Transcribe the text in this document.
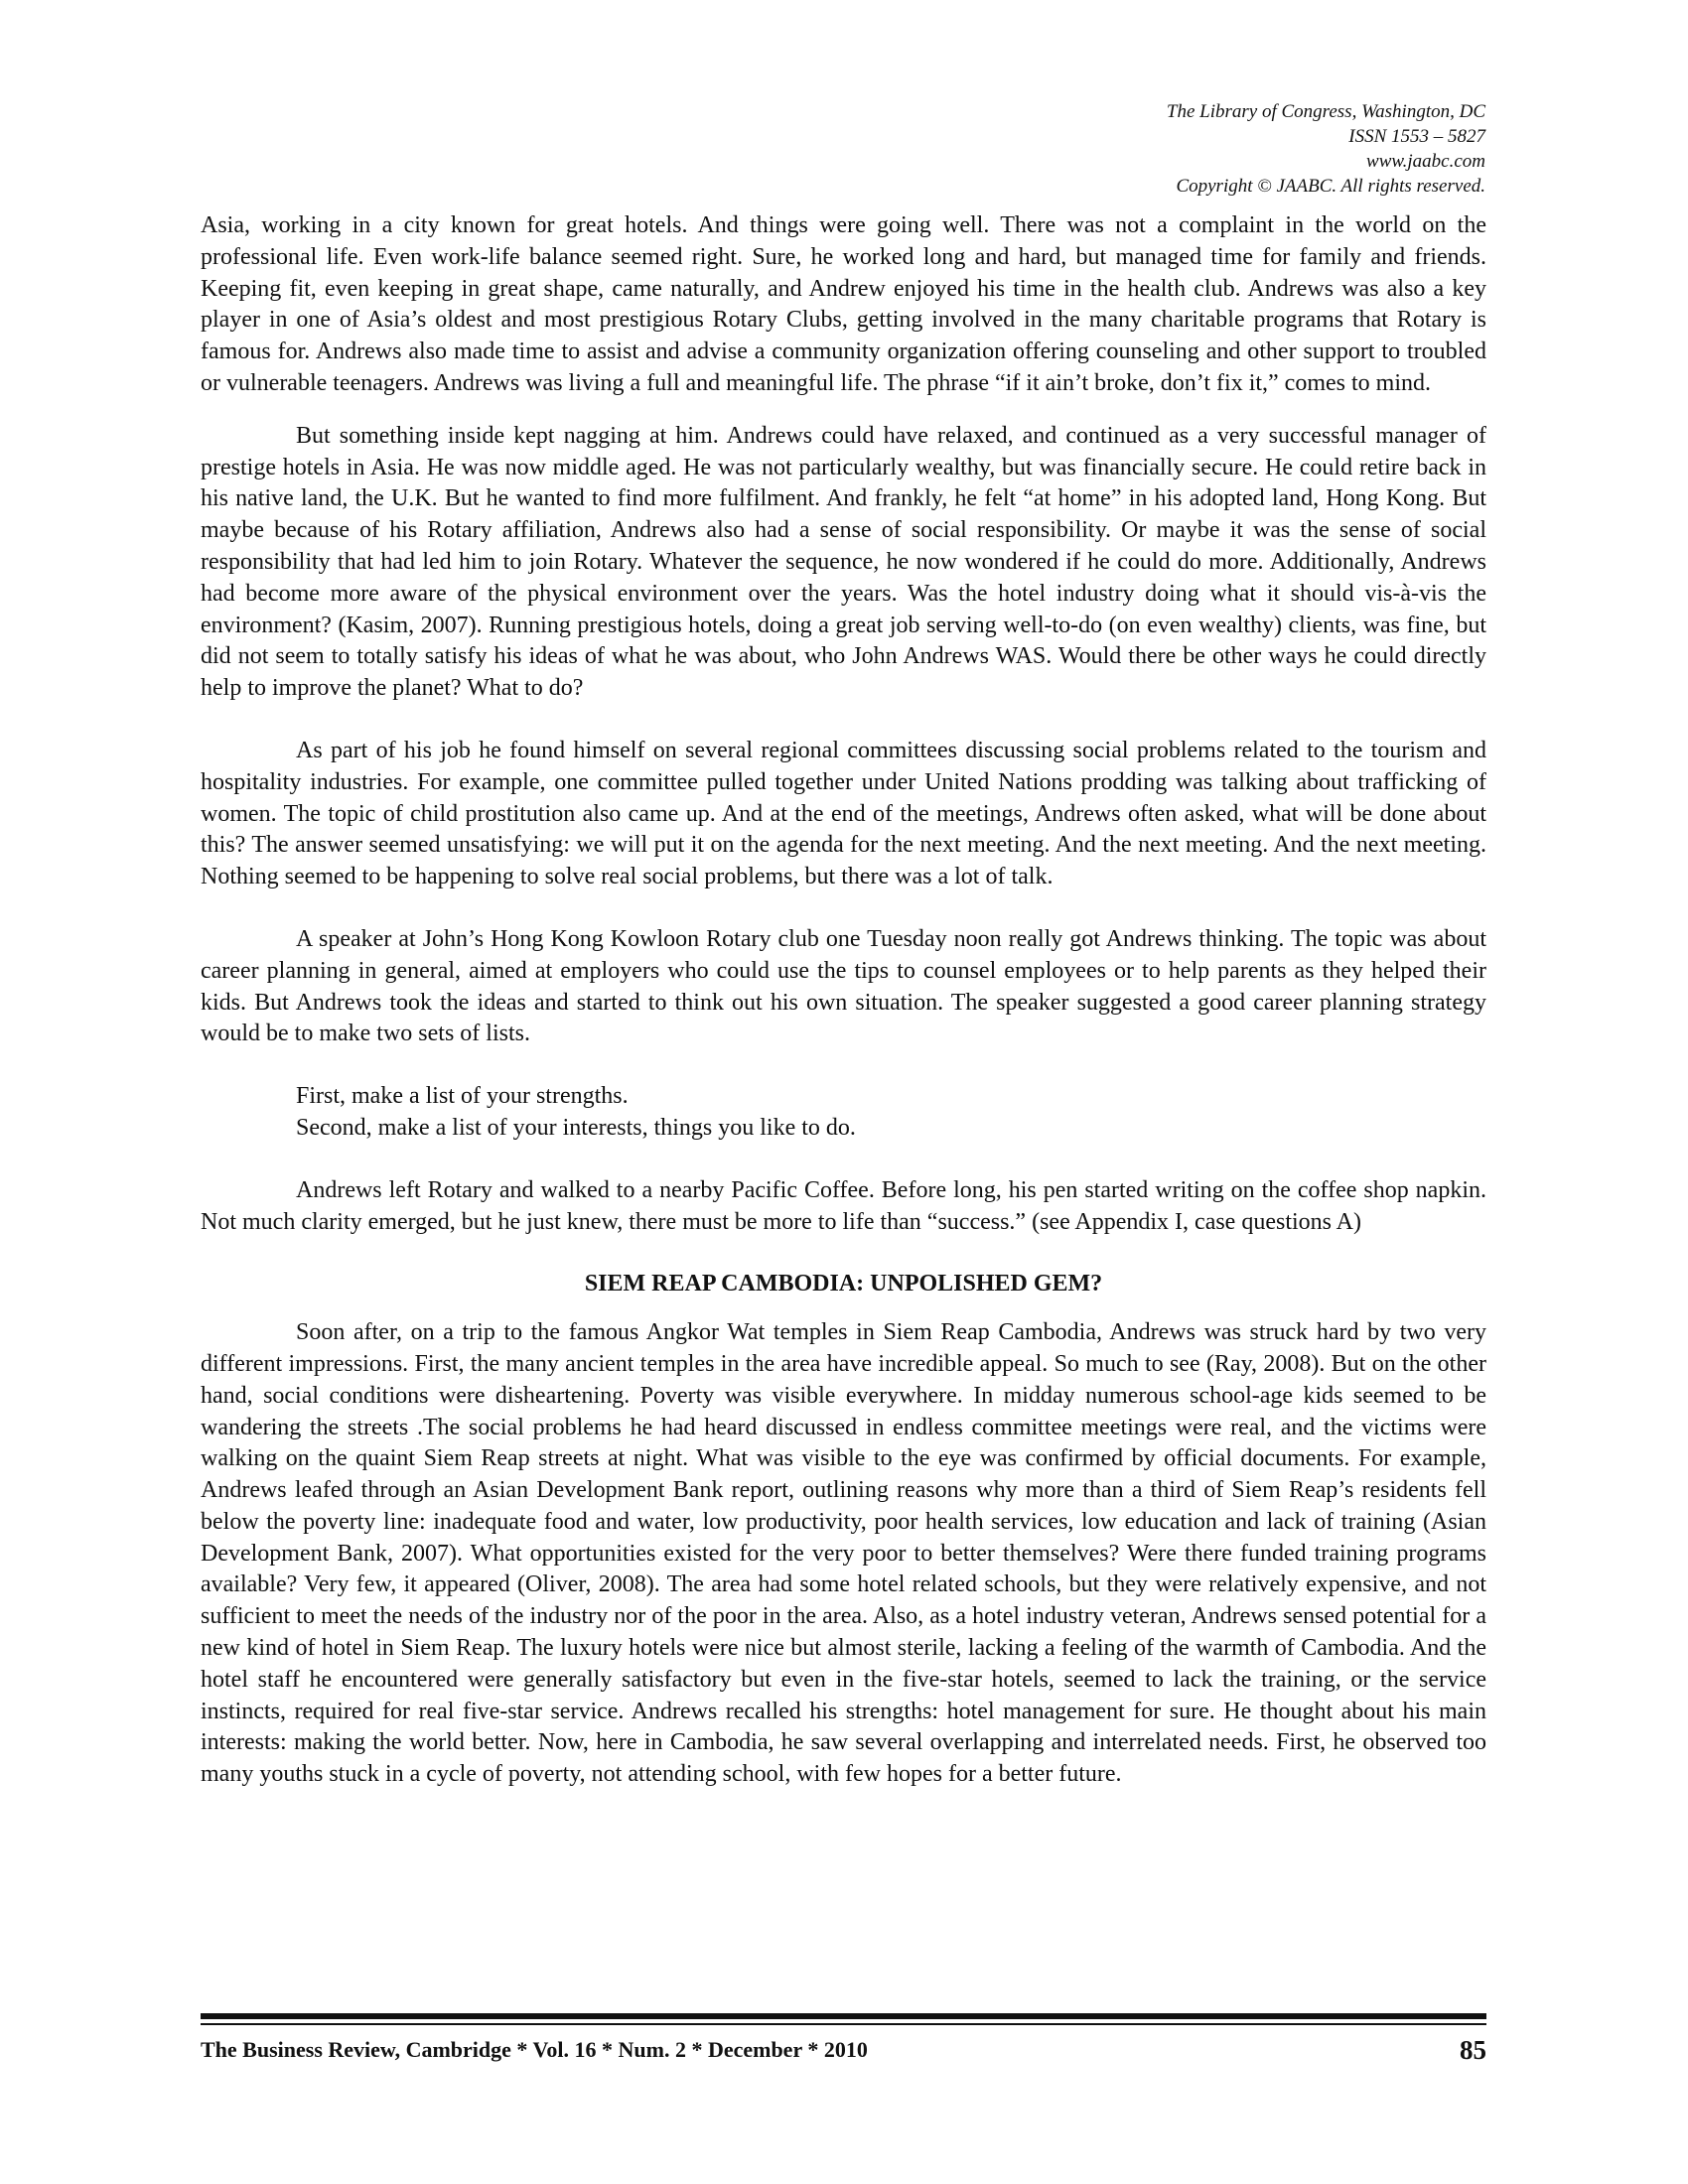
The Library of Congress, Washington, DC
ISSN 1553 – 5827
www.jaabc.com
Copyright © JAABC. All rights reserved.

Asia, working in a city known for great hotels. And things were going well. There was not a complaint in the world on the professional life. Even work-life balance seemed right. Sure, he worked long and hard, but managed time for family and friends. Keeping fit, even keeping in great shape, came naturally, and Andrew enjoyed his time in the health club. Andrews was also a key player in one of Asia’s oldest and most prestigious Rotary Clubs, getting involved in the many charitable programs that Rotary is famous for. Andrews also made time to assist and advise a community organization offering counseling and other support to troubled or vulnerable teenagers. Andrews was living a full and meaningful life. The phrase “if it ain’t broke, don’t fix it,” comes to mind.

But something inside kept nagging at him. Andrews could have relaxed, and continued as a very successful manager of prestige hotels in Asia. He was now middle aged. He was not particularly wealthy, but was financially secure. He could retire back in his native land, the U.K. But he wanted to find more fulfilment. And frankly, he felt “at home” in his adopted land, Hong Kong. But maybe because of his Rotary affiliation, Andrews also had a sense of social responsibility. Or maybe it was the sense of social responsibility that had led him to join Rotary. Whatever the sequence, he now wondered if he could do more. Additionally, Andrews had become more aware of the physical environment over the years. Was the hotel industry doing what it should vis-à-vis the environment? (Kasim, 2007). Running prestigious hotels, doing a great job serving well-to-do (on even wealthy) clients, was fine, but did not seem to totally satisfy his ideas of what he was about, who John Andrews WAS. Would there be other ways he could directly help to improve the planet? What to do?

As part of his job he found himself on several regional committees discussing social problems related to the tourism and hospitality industries. For example, one committee pulled together under United Nations prodding was talking about trafficking of women. The topic of child prostitution also came up. And at the end of the meetings, Andrews often asked, what will be done about this? The answer seemed unsatisfying: we will put it on the agenda for the next meeting. And the next meeting. And the next meeting. Nothing seemed to be happening to solve real social problems, but there was a lot of talk.

A speaker at John’s Hong Kong Kowloon Rotary club one Tuesday noon really got Andrews thinking. The topic was about career planning in general, aimed at employers who could use the tips to counsel employees or to help parents as they helped their kids. But Andrews took the ideas and started to think out his own situation. The speaker suggested a good career planning strategy would be to make two sets of lists.

First, make a list of your strengths.

Second, make a list of your interests, things you like to do.

Andrews left Rotary and walked to a nearby Pacific Coffee. Before long, his pen started writing on the coffee shop napkin. Not much clarity emerged, but he just knew, there must be more to life than “success.” (see Appendix I, case questions A)

SIEM REAP CAMBODIA: UNPOLISHED GEM?

Soon after, on a trip to the famous Angkor Wat temples in Siem Reap Cambodia, Andrews was struck hard by two very different impressions. First, the many ancient temples in the area have incredible appeal. So much to see (Ray, 2008). But on the other hand, social conditions were disheartening. Poverty was visible everywhere. In midday numerous school-age kids seemed to be wandering the streets .The social problems he had heard discussed in endless committee meetings were real, and the victims were walking on the quaint Siem Reap streets at night. What was visible to the eye was confirmed by official documents. For example, Andrews leafed through an Asian Development Bank report, outlining reasons why more than a third of Siem Reap’s residents fell below the poverty line: inadequate food and water, low productivity, poor health services, low education and lack of training (Asian Development Bank, 2007). What opportunities existed for the very poor to better themselves? Were there funded training programs available? Very few, it appeared (Oliver, 2008). The area had some hotel related schools, but they were relatively expensive, and not sufficient to meet the needs of the industry nor of the poor in the area. Also, as a hotel industry veteran, Andrews sensed potential for a new kind of hotel in Siem Reap. The luxury hotels were nice but almost sterile, lacking a feeling of the warmth of Cambodia. And the hotel staff he encountered were generally satisfactory but even in the five-star hotels, seemed to lack the training, or the service instincts, required for real five-star service. Andrews recalled his strengths: hotel management for sure. He thought about his main interests: making the world better. Now, here in Cambodia, he saw several overlapping and interrelated needs. First, he observed too many youths stuck in a cycle of poverty, not attending school, with few hopes for a better future.

The Business Review, Cambridge * Vol. 16 * Num. 2 * December * 2010	85
